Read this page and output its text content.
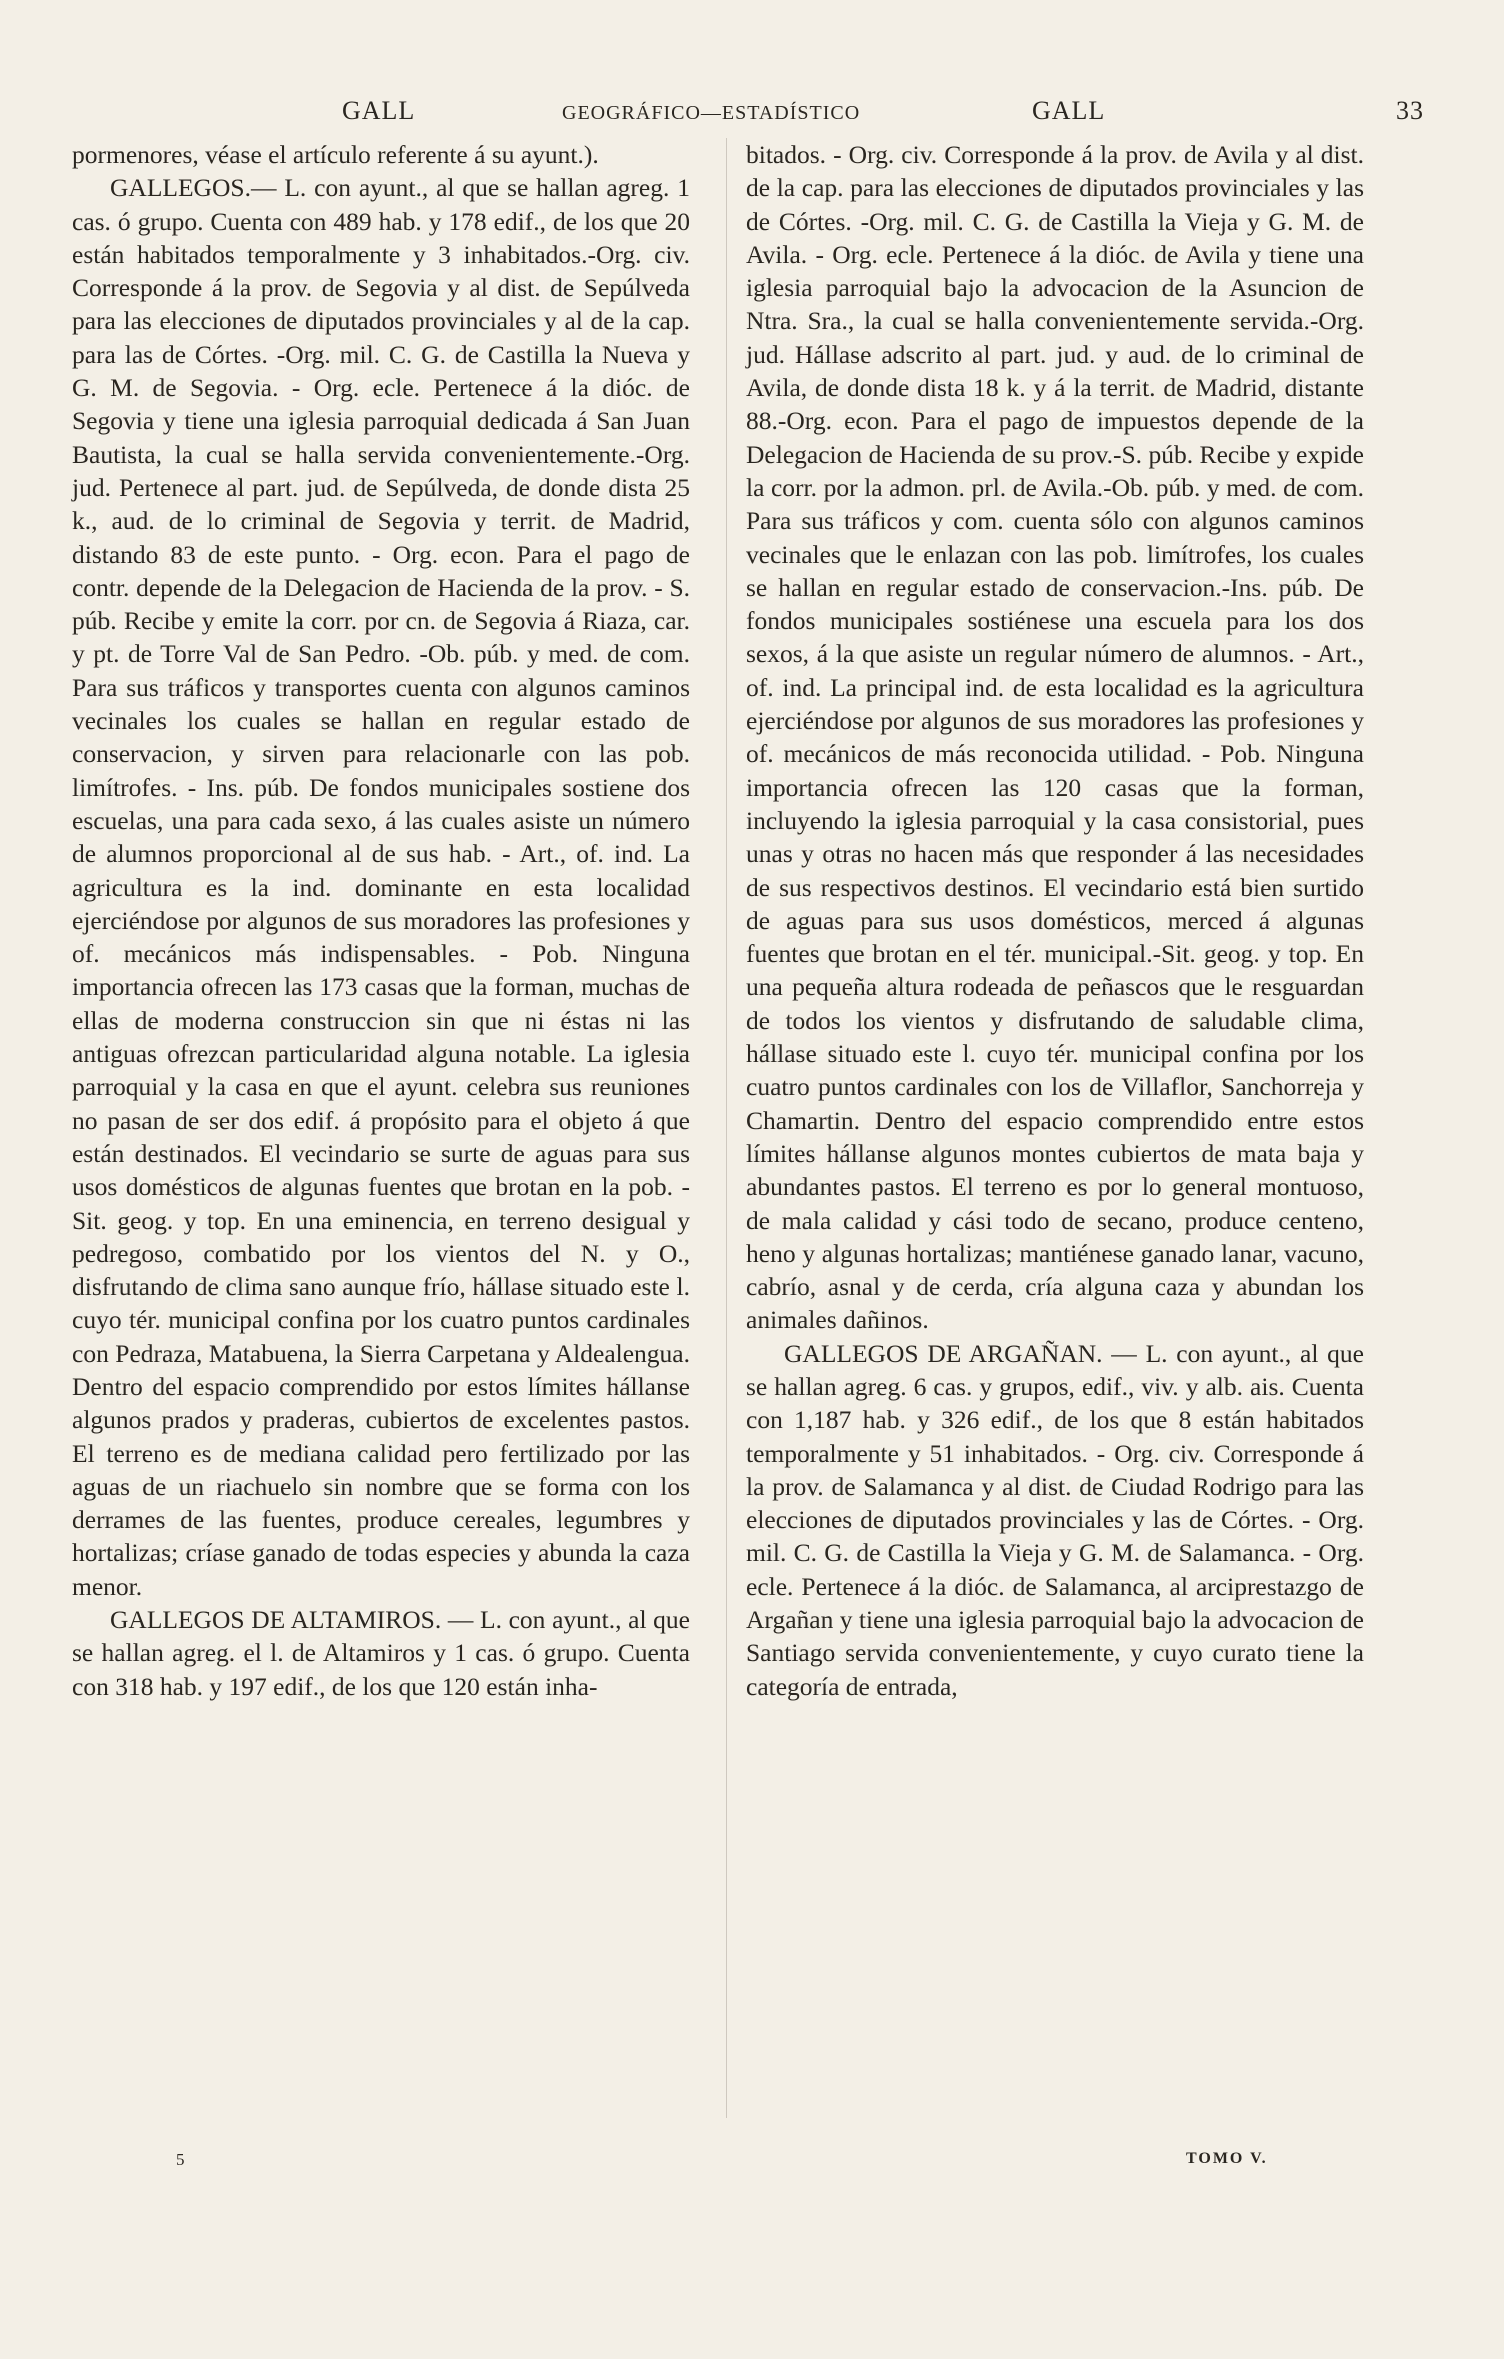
GALL	GEOGRÁFICO—ESTADÍSTICO	GALL	33

pormenores, véase el artículo referente á su ayunt.).

GALLEGOS.— L. con ayunt., al que se hallan agreg. 1 cas. ó grupo. Cuenta con 489 hab. y 178 edif., de los que 20 están habitados temporalmente y 3 inhabitados.-Org. civ. Corresponde á la prov. de Segovia y al dist. de Sepúlveda para las elecciones de diputados provinciales y al de la cap. para las de Córtes. -Org. mil. C. G. de Castilla la Nueva y G. M. de Segovia. - Org. ecle. Pertenece á la dióc. de Segovia y tiene una iglesia parroquial dedicada á San Juan Bautista, la cual se halla servida convenientemente.-Org. jud. Pertenece al part. jud. de Sepúlveda, de donde dista 25 k., aud. de lo criminal de Segovia y territ. de Madrid, distando 83 de este punto. - Org. econ. Para el pago de contr. depende de la Delegacion de Hacienda de la prov. - S. púb. Recibe y emite la corr. por cn. de Segovia á Riaza, car. y pt. de Torre Val de San Pedro. -Ob. púb. y med. de com. Para sus tráficos y transportes cuenta con algunos caminos vecinales los cuales se hallan en regular estado de conservacion, y sirven para relacionarle con las pob. limítrofes. - Ins. púb. De fondos municipales sostiene dos escuelas, una para cada sexo, á las cuales asiste un número de alumnos proporcional al de sus hab. - Art., of. ind. La agricultura es la ind. dominante en esta localidad ejerciéndose por algunos de sus moradores las profesiones y of. mecánicos más indispensables. - Pob. Ninguna importancia ofrecen las 173 casas que la forman, muchas de ellas de moderna construccion sin que ni éstas ni las antiguas ofrezcan particularidad alguna notable. La iglesia parroquial y la casa en que el ayunt. celebra sus reuniones no pasan de ser dos edif. á propósito para el objeto á que están destinados. El vecindario se surte de aguas para sus usos domésticos de algunas fuentes que brotan en la pob. - Sit. geog. y top. En una eminencia, en terreno desigual y pedregoso, combatido por los vientos del N. y O., disfrutando de clima sano aunque frío, hállase situado este l. cuyo tér. municipal confina por los cuatro puntos cardinales con Pedraza, Matabuena, la Sierra Carpetana y Aldealengua. Dentro del espacio comprendido por estos límites hállanse algunos prados y praderas, cubiertos de excelentes pastos. El terreno es de mediana calidad pero fertilizado por las aguas de un riachuelo sin nombre que se forma con los derrames de las fuentes, produce cereales, legumbres y hortalizas; críase ganado de todas especies y abunda la caza menor.

GALLEGOS DE ALTAMIROS. — L. con ayunt., al que se hallan agreg. el l. de Altamiros y 1 cas. ó grupo. Cuenta con 318 hab. y 197 edif., de los que 120 están inha-

bitados. - Org. civ. Corresponde á la prov. de Avila y al dist. de la cap. para las elecciones de diputados provinciales y las de Córtes. -Org. mil. C. G. de Castilla la Vieja y G. M. de Avila. - Org. ecle. Pertenece á la dióc. de Avila y tiene una iglesia parroquial bajo la advocacion de la Asuncion de Ntra. Sra., la cual se halla convenientemente servida.-Org. jud. Hállase adscrito al part. jud. y aud. de lo criminal de Avila, de donde dista 18 k. y á la territ. de Madrid, distante 88.-Org. econ. Para el pago de impuestos depende de la Delegacion de Hacienda de su prov.-S. púb. Recibe y expide la corr. por la admon. prl. de Avila.-Ob. púb. y med. de com. Para sus tráficos y com. cuenta sólo con algunos caminos vecinales que le enlazan con las pob. limítrofes, los cuales se hallan en regular estado de conservacion.-Ins. púb. De fondos municipales sostiénese una escuela para los dos sexos, á la que asiste un regular número de alumnos. - Art., of. ind. La principal ind. de esta localidad es la agricultura ejerciéndose por algunos de sus moradores las profesiones y of. mecánicos de más reconocida utilidad. - Pob. Ninguna importancia ofrecen las 120 casas que la forman, incluyendo la iglesia parroquial y la casa consistorial, pues unas y otras no hacen más que responder á las necesidades de sus respectivos destinos. El vecindario está bien surtido de aguas para sus usos domésticos, merced á algunas fuentes que brotan en el tér. municipal.-Sit. geog. y top. En una pequeña altura rodeada de peñascos que le resguardan de todos los vientos y disfrutando de saludable clima, hállase situado este l. cuyo tér. municipal confina por los cuatro puntos cardinales con los de Villaflor, Sanchorreja y Chamartin. Dentro del espacio comprendido entre estos límites hállanse algunos montes cubiertos de mata baja y abundantes pastos. El terreno es por lo general montuoso, de mala calidad y cási todo de secano, produce centeno, heno y algunas hortalizas; mantiénese ganado lanar, vacuno, cabrío, asnal y de cerda, cría alguna caza y abundan los animales dañinos.

GALLEGOS DE ARGAÑAN. — L. con ayunt., al que se hallan agreg. 6 cas. y grupos, edif., viv. y alb. ais. Cuenta con 1,187 hab. y 326 edif., de los que 8 están habitados temporalmente y 51 inhabitados. - Org. civ. Corresponde á la prov. de Salamanca y al dist. de Ciudad Rodrigo para las elecciones de diputados provinciales y las de Córtes. - Org. mil. C. G. de Castilla la Vieja y G. M. de Salamanca. - Org. ecle. Pertenece á la dióc. de Salamanca, al arciprestazgo de Argañan y tiene una iglesia parroquial bajo la advocacion de Santiago servida convenientemente, y cuyo curato tiene la categoría de entrada,

5	TOMO V.
